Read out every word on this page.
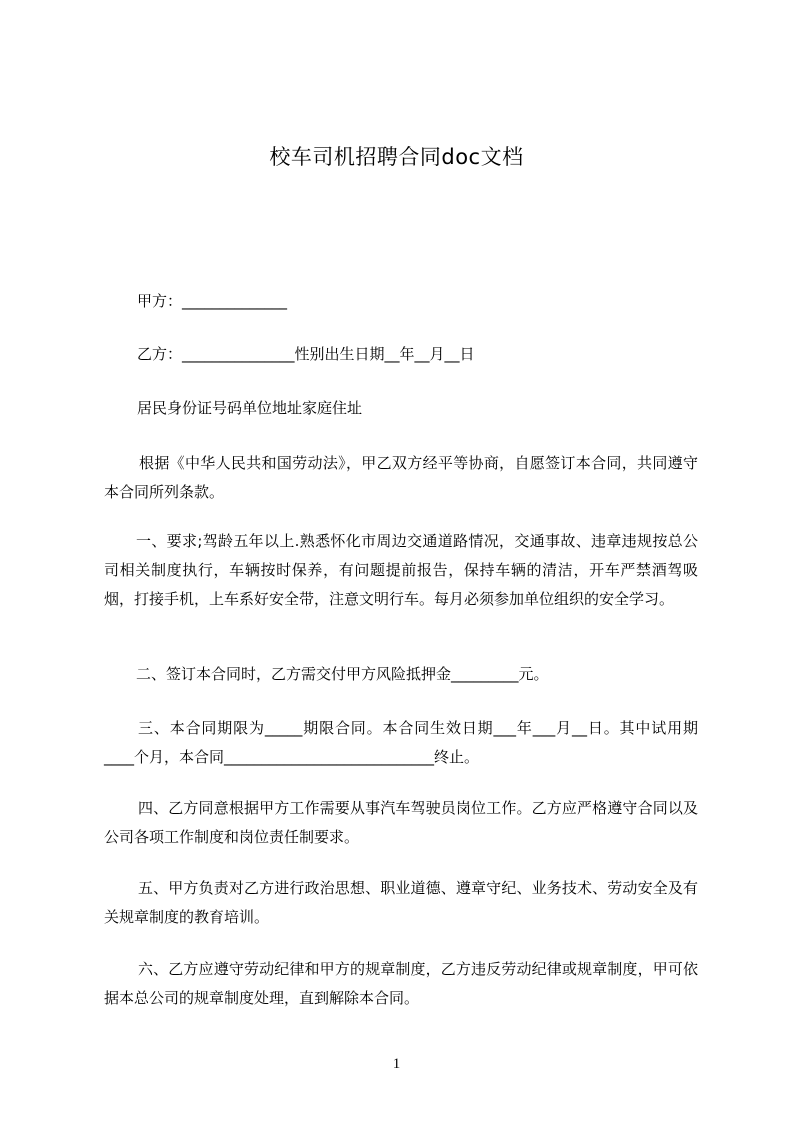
校车司机招聘合同doc文档
甲方：______________
乙方：_______________性别出生日期__年__月__日
居民身份证号码单位地址家庭住址
根据《中华人民共和国劳动法》，甲乙双方经平等协商，自愿签订本合同，共同遵守本合同所列条款。
一、要求;驾龄五年以上.熟悉怀化市周边交通道路情况，交通事故、违章违规按总公司相关制度执行，车辆按时保养，有问题提前报告，保持车辆的清洁，开车严禁酒驾吸烟，打接手机，上车系好安全带，注意文明行车。每月必须参加单位组织的安全学习。
二、签订本合同时，乙方需交付甲方风险抵押金_________元。
三、本合同期限为_____期限合同。本合同生效日期___年___月__日。其中试用期____个月，本合同____________________________终止。
四、乙方同意根据甲方工作需要从事汽车驾驶员岗位工作。乙方应严格遵守合同以及公司各项工作制度和岗位责任制要求。
五、甲方负责对乙方进行政治思想、职业道德、遵章守纪、业务技术、劳动安全及有关规章制度的教育培训。
六、乙方应遵守劳动纪律和甲方的规章制度，乙方违反劳动纪律或规章制度，甲可依据本总公司的规章制度处理，直到解除本合同。
1
